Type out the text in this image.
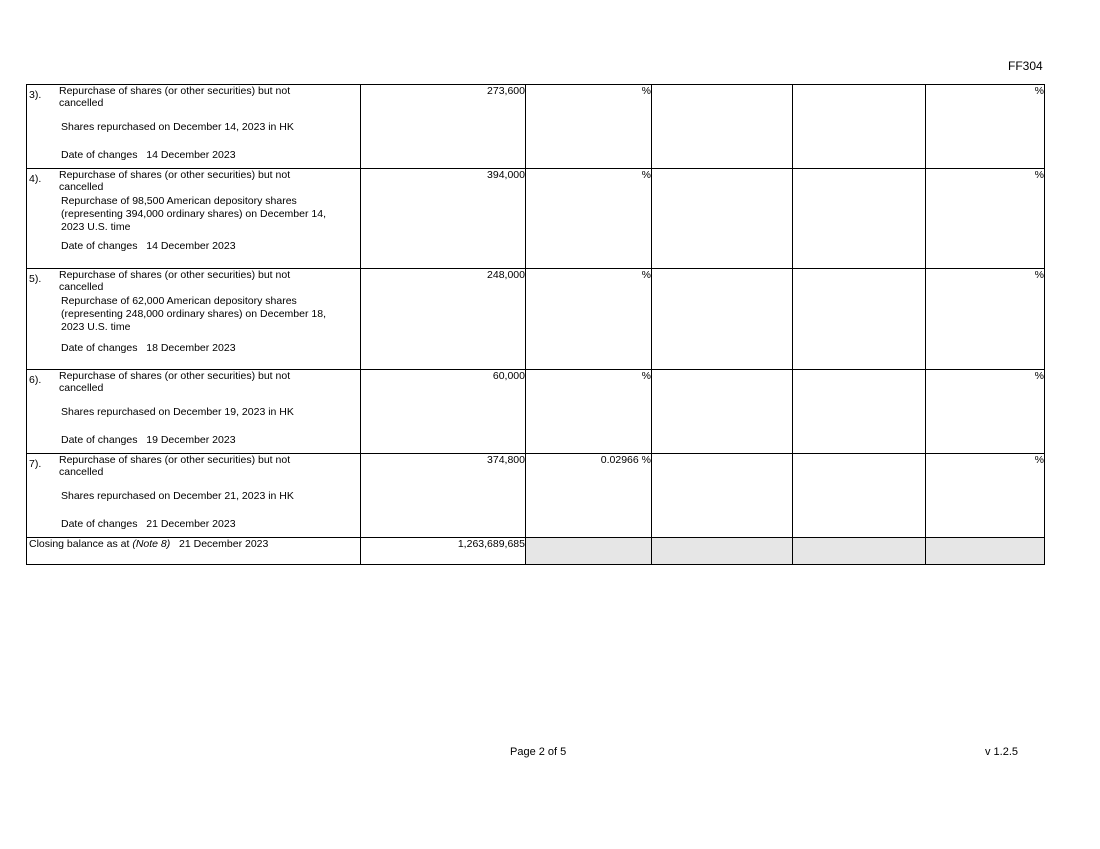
FF304
3). Repurchase of shares (or other securities) but not cancelled
Shares repurchased on December 14, 2023 in HK
Date of changes 14 December 2023	273,600	%			%

4). Repurchase of shares (or other securities) but not cancelled
Repurchase of 98,500 American depository shares (representing 394,000 ordinary shares) on December 14, 2023 U.S. time
Date of changes 14 December 2023	394,000	%			%

5). Repurchase of shares (or other securities) but not cancelled
Repurchase of 62,000 American depository shares (representing 248,000 ordinary shares) on December 18, 2023 U.S. time
Date of changes 18 December 2023	248,000	%			%

6). Repurchase of shares (or other securities) but not cancelled
Shares repurchased on December 19, 2023 in HK
Date of changes 19 December 2023	60,000	%			%

7). Repurchase of shares (or other securities) but not cancelled
Shares repurchased on December 21, 2023 in HK
Date of changes 21 December 2023	374,800	0.02966 %			%
Closing balance as at (Note 8) 21 December 2023	1,263,689,685				
Page 2 of 5	v 1.2.5
